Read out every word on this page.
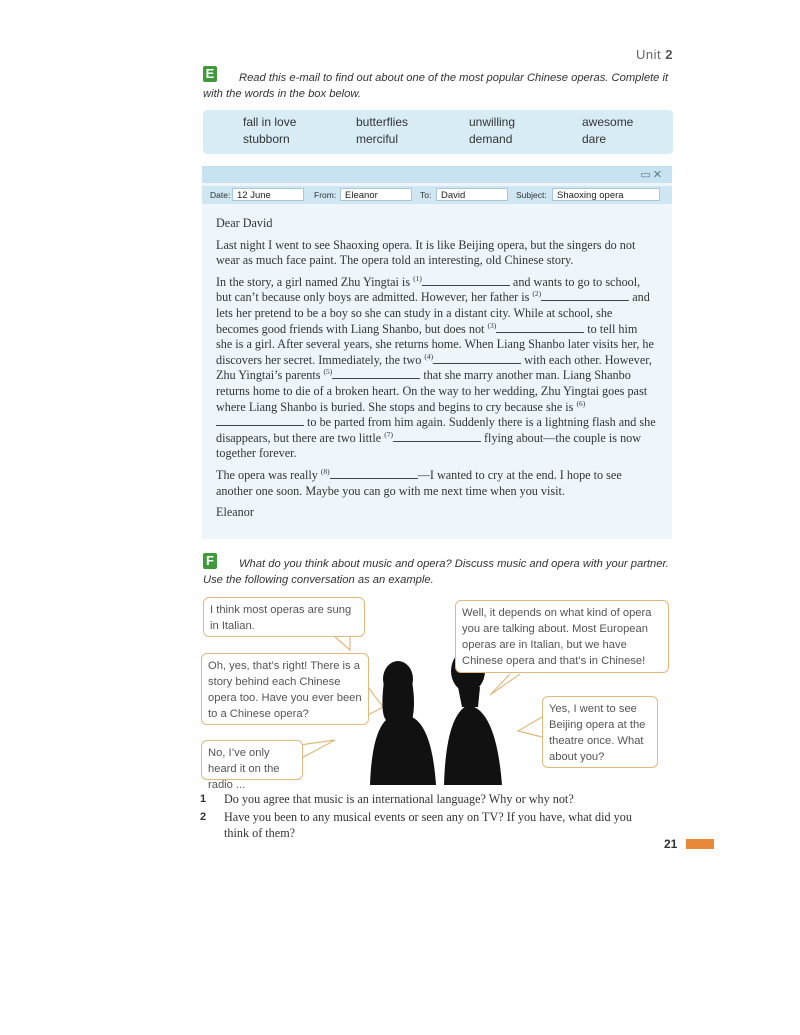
Unit 2
E	Read this e-mail to find out about one of the most popular Chinese operas. Complete it with the words in the box below.
fall in love	butterflies	unwilling	awesome
stubborn	merciful	demand	dare
▭✕
Date: 12 June	From: Eleanor	To:	David	Subject:	Shaoxing opera

Dear David

Last night I went to see Shaoxing opera. It is like Beijing opera, but the singers do not wear as much face paint. The opera told an interesting, old Chinese story.

In the story, a girl named Zhu Yingtai is $^{(1)}$	and wants to go to school, but can’t because only boys are admitted. However, her father is $^{(2)}$	and lets her pretend to be a boy so she can study in a distant city. While at school, she becomes good friends with Liang Shanbo, but does not $^{(3)}$	to tell him she is a girl. After several years, she returns home. When Liang Shanbo later visits her, he discovers her secret. Immediately, the two $^{(4)}$	with each other. However, Zhu Yingtai’s parents $^{(5)}$	that she marry another man. Liang Shanbo returns home to die of a broken heart. On the way to her wedding, Zhu Yingtai goes past where Liang Shanbo is buried. She stops and begins to cry because she is $^{(6)}$ to be parted from him again. Suddenly there is a lightning flash and she disappears, but there are two little $^{(7)}$	flying about—the couple is now together forever.

The opera was really $^{(8)}$	—I wanted to cry at the end. I hope to see another one soon. Maybe you can go with me next time when you visit.

Eleanor

F	What do you think about music and opera? Discuss music and opera with your partner. Use the following conversation as an example.
I think most operas are sung in Italian.
Well, it depends on what kind of opera you are talking about. Most European operas are in Italian, but we have Chinese opera and that’s in Chinese!
Oh, yes, that’s right! There is a story behind each Chinese opera too. Have you ever been to a Chinese opera?	Yes, I went to see Beijing opera at the theatre once. What about you?
No, I’ve only heard it on the radio ...
1 Do you agree that music is an international language? Why or why not?
2 Have you been to any musical events or seen any on TV? If you have, what did you think of them?
21
